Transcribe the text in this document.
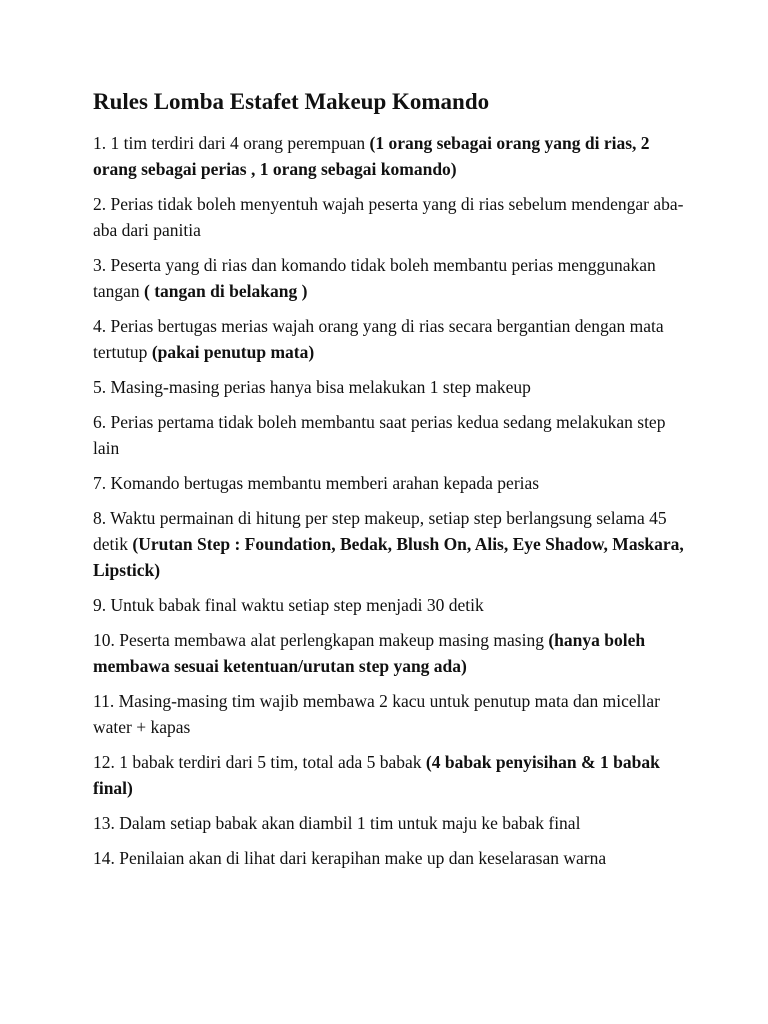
Rules Lomba Estafet Makeup Komando

1. 1 tim terdiri dari 4 orang perempuan (1 orang sebagai orang yang di rias, 2 orang sebagai perias , 1 orang sebagai komando)

2. Perias tidak boleh menyentuh wajah peserta yang di rias sebelum mendengar aba-aba dari panitia

3. Peserta yang di rias dan komando tidak boleh membantu perias menggunakan tangan ( tangan di belakang )

4. Perias bertugas merias wajah orang yang di rias secara bergantian dengan mata tertutup (pakai penutup mata)

5. Masing-masing perias hanya bisa melakukan 1 step makeup

6. Perias pertama tidak boleh membantu saat perias kedua sedang melakukan step lain

7. Komando bertugas membantu memberi arahan kepada perias

8. Waktu permainan di hitung per step makeup, setiap step berlangsung selama 45 detik (Urutan Step : Foundation, Bedak, Blush On, Alis, Eye Shadow, Maskara, Lipstick)

9. Untuk babak final waktu setiap step menjadi 30 detik

10. Peserta membawa alat perlengkapan makeup masing masing (hanya boleh membawa sesuai ketentuan/urutan step yang ada)

11. Masing-masing tim wajib membawa 2 kacu untuk penutup mata dan micellar water + kapas

12. 1 babak terdiri dari 5 tim, total ada 5 babak (4 babak penyisihan & 1 babak final)

13. Dalam setiap babak akan diambil 1 tim untuk maju ke babak final

14. Penilaian akan di lihat dari kerapihan make up dan keselarasan warna
